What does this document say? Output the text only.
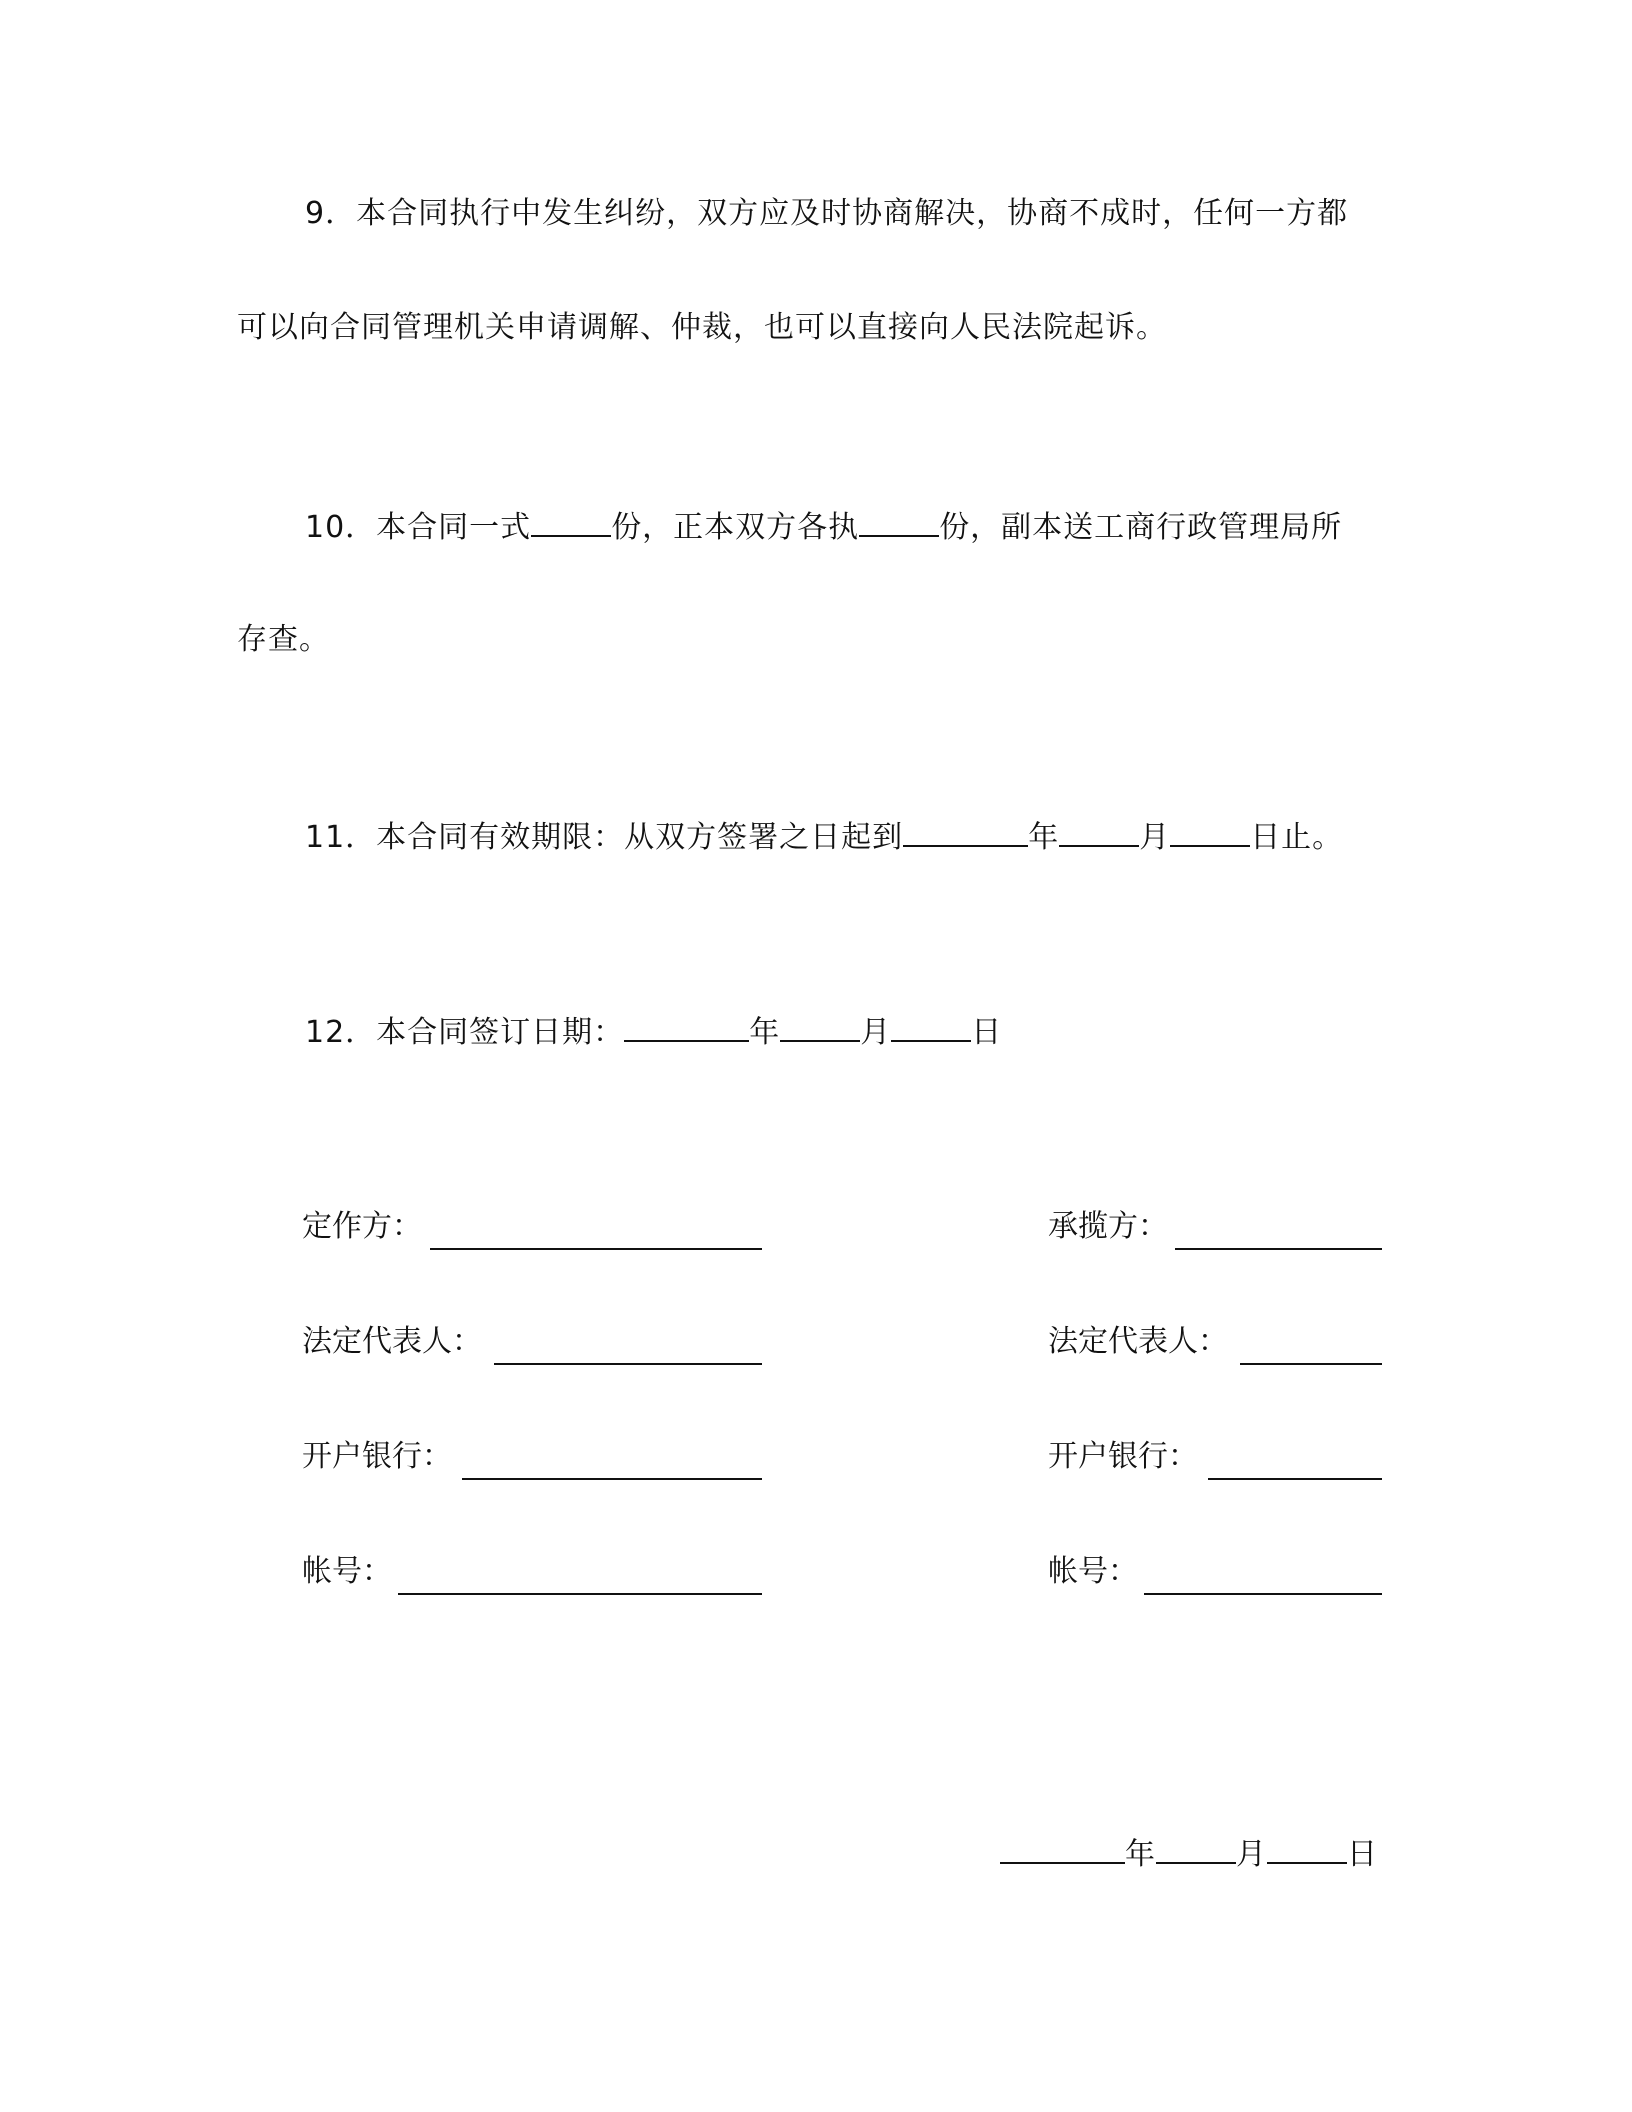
9．本合同执行中发生纠纷，双方应及时协商解决，协商不成时，任何一方都
可以向合同管理机关申请调解、仲裁，也可以直接向人民法院起诉。
10．本合同一式	份，正本双方各执	份，副本送工商行政管理局所
存查。
11．本合同有效期限：从双方签署之日起到	年	月	日止。
12．本合同签订日期：	年	月	日
定作方：
法定代表人：
开户银行：
帐号：
承揽方：
法定代表人：
开户银行：
帐号：
年	月	日
